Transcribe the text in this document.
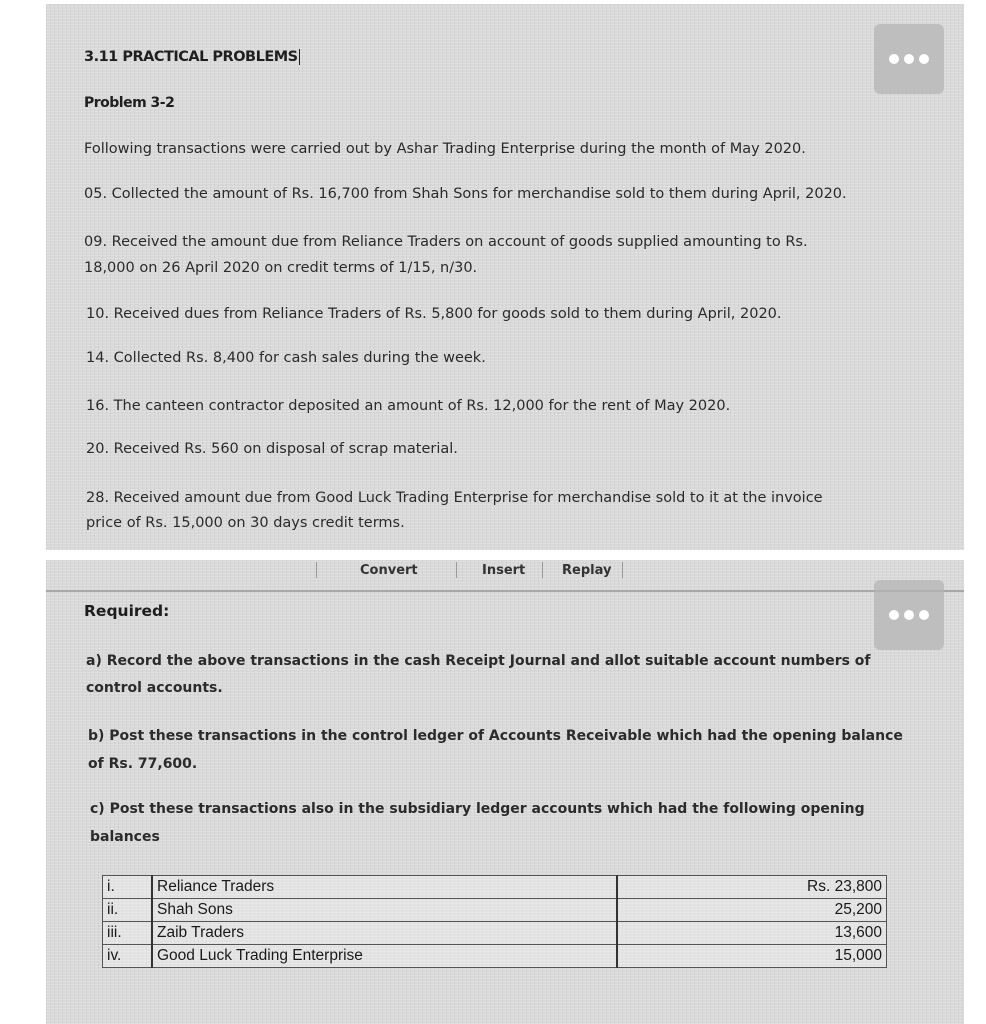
3.11 PRACTICAL PROBLEMS
Problem 3-2
Following transactions were carried out by Ashar Trading Enterprise during the month of May 2020.
05. Collected the amount of Rs. 16,700 from Shah Sons for merchandise sold to them during April, 2020.
09. Received the amount due from Reliance Traders on account of goods supplied amounting to Rs.
18,000 on 26 April 2020 on credit terms of 1/15, n/30.
10. Received dues from Reliance Traders of Rs. 5,800 for goods sold to them during April, 2020.
14. Collected Rs. 8,400 for cash sales during the week.
16. The canteen contractor deposited an amount of Rs. 12,000 for the rent of May 2020.
20. Received Rs. 560 on disposal of scrap material.
28. Received amount due from Good Luck Trading Enterprise for merchandise sold to it at the invoice
price of Rs. 15,000 on 30 days credit terms.
Convert	Insert	Replay
Required:
a) Record the above transactions in the cash Receipt Journal and allot suitable account numbers of
control accounts.
b) Post these transactions in the control ledger of Accounts Receivable which had the opening balance
of Rs. 77,600.
c) Post these transactions also in the subsidiary ledger accounts which had the following opening
balances
i.	Reliance Traders	Rs. 23,800
ii.	Shah Sons	25,200
iii.	Zaib Traders	13,600
iv.	Good Luck Trading Enterprise	15,000
